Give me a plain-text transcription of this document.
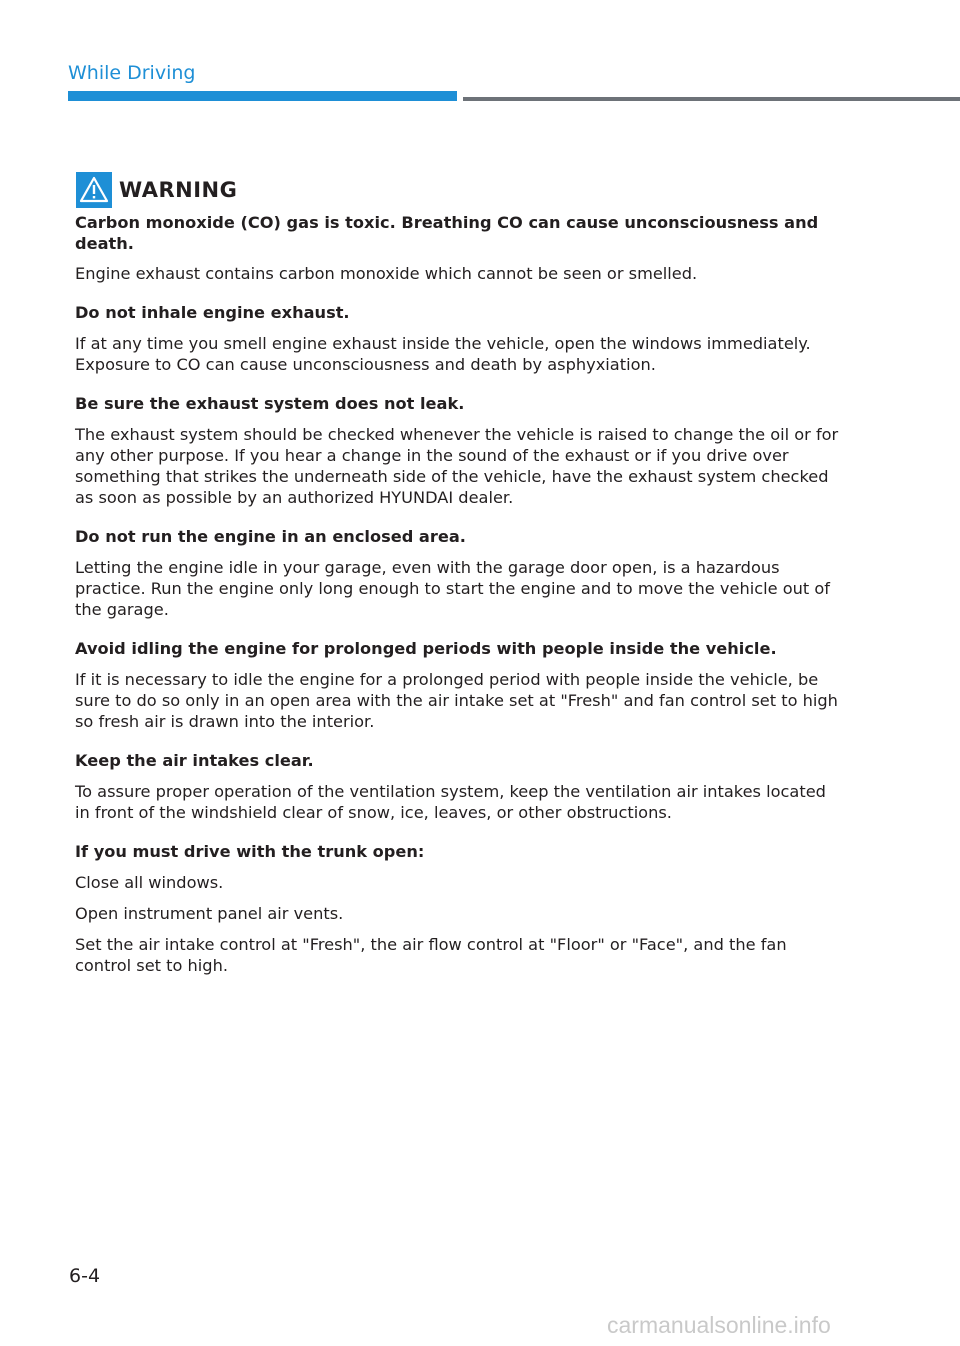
While Driving
WARNING

Carbon monoxide (CO) gas is toxic. Breathing CO can cause unconsciousness and death.

Engine exhaust contains carbon monoxide which cannot be seen or smelled.

Do not inhale engine exhaust.

If at any time you smell engine exhaust inside the vehicle, open the windows immediately. Exposure to CO can cause unconsciousness and death by asphyxiation.

Be sure the exhaust system does not leak.

The exhaust system should be checked whenever the vehicle is raised to change the oil or for any other purpose. If you hear a change in the sound of the exhaust or if you drive over something that strikes the underneath side of the vehicle, have the exhaust system checked as soon as possible by an authorized HYUNDAI dealer.

Do not run the engine in an enclosed area.

Letting the engine idle in your garage, even with the garage door open, is a hazardous practice. Run the engine only long enough to start the engine and to move the vehicle out of the garage.

Avoid idling the engine for prolonged periods with people inside the vehicle.

If it is necessary to idle the engine for a prolonged period with people inside the vehicle, be sure to do so only in an open area with the air intake set at "Fresh" and fan control set to high so fresh air is drawn into the interior.

Keep the air intakes clear.

To assure proper operation of the ventilation system, keep the ventilation air intakes located in front of the windshield clear of snow, ice, leaves, or other obstructions.

If you must drive with the trunk open:

Close all windows.

Open instrument panel air vents.

Set the air intake control at "Fresh", the air flow control at "Floor" or "Face", and the fan control set to high.

6-4
carmanualsonline.info
